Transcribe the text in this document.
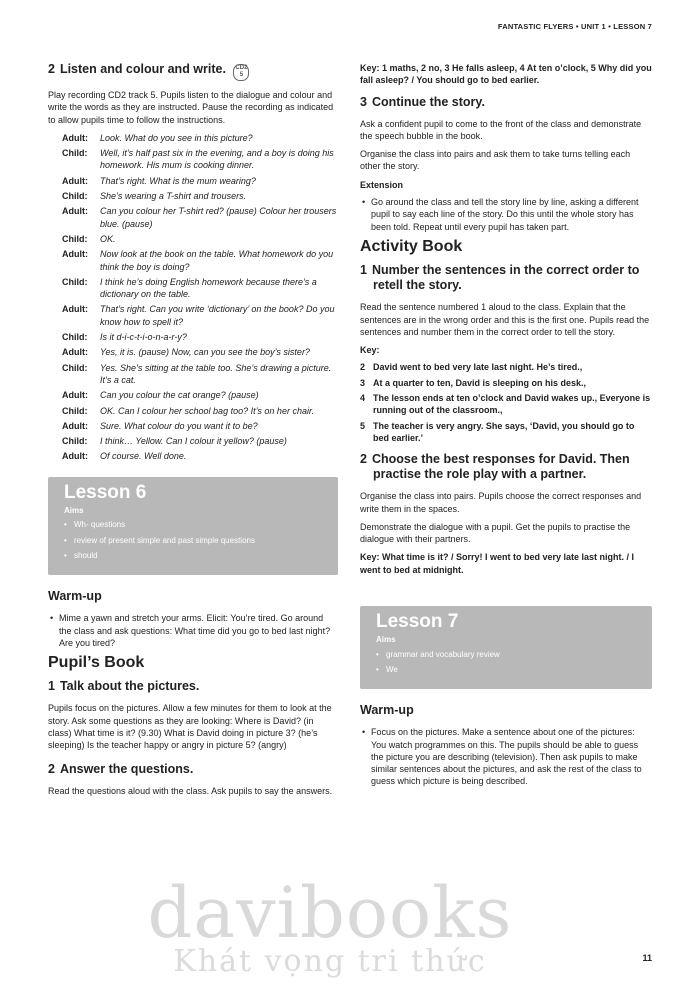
FANTASTIC FLYERS • UNIT 1 • LESSON 7
2 Listen and colour and write. CD2
5

Play recording CD2 track 5. Pupils listen to the dialogue and colour and write the words as they are instructed. Pause the recording as indicated to allow pupils time to follow the instructions.

Adult:	Look. What do you see in this picture?
Child:	Well, it’s half past six in the evening, and a boy is doing his homework. His mum is cooking dinner.
Adult:	That’s right. What is the mum wearing?
Child:	She’s wearing a T-shirt and trousers.
Adult:	Can you colour her T-shirt red? (pause) Colour her trousers blue. (pause)
Child:	OK.
Adult:	Now look at the book on the table. What homework do you think the boy is doing?
Child:	I think he’s doing English homework because there’s a dictionary on the table.
Adult:	That’s right. Can you write ‘dictionary’ on the book? Do you know how to spell it?
Child:	Is it d-i-c-t-i-o-n-a-r-y?
Adult:	Yes, it is. (pause) Now, can you see the boy’s sister?
Child:	Yes. She’s sitting at the table too. She’s drawing a picture. It’s a cat.
Adult:	Can you colour the cat orange? (pause)
Child:	OK. Can I colour her school bag too? It’s on her chair.
Adult:	Sure. What colour do you want it to be?
Child:	I think… Yellow. Can I colour it yellow? (pause)
Adult:	Of course. Well done.
Lesson 6
Aims
• Wh- questions
• review of present simple and past simple questions
• should
Warm-up
• Mime a yawn and stretch your arms. Elicit: You’re tired. Go around the class and ask questions: What time did you go to bed last night? Are you tired?
Pupil’s Book
1 Talk about the pictures.

Pupils focus on the pictures. Allow a few minutes for them to look at the story. Ask some questions as they are looking: Where is David? (in class) What time is it? (9.30) What is David doing in picture 3? (he’s sleeping) Is the teacher happy or angry in picture 5? (angry)

2 Answer the questions.

Read the questions aloud with the class. Ask pupils to say the answers.

Key: 1 maths, 2 no, 3 He falls asleep, 4 At ten o’clock, 5 Why did you fall asleep? / You should go to bed earlier.
3 Continue the story.

Ask a confident pupil to come to the front of the class and demonstrate the speech bubble in the book.

Organise the class into pairs and ask them to take turns telling each other the story.

Extension
• Go around the class and tell the story line by line, asking a different pupil to say each line of the story. Do this until the whole story has been told. Repeat until every pupil has taken part.
Activity Book
1 Number the sentences in the correct order to retell the story.

Read the sentence numbered 1 aloud to the class. Explain that the sentences are in the wrong order and this is the first one. Pupils read the sentences and number them in the correct order to tell the story.

Key:
2 David went to bed very late last night. He’s tired.,
3 At a quarter to ten, David is sleeping on his desk.,
4 The lesson ends at ten o’clock and David wakes up., Everyone is running out of the classroom.,
5 The teacher is very angry. She says, ‘David, you should go to bed earlier.’
2 Choose the best responses for David. Then practise the role play with a partner.

Organise the class into pairs. Pupils choose the correct responses and write them in the spaces.

Demonstrate the dialogue with a pupil. Get the pupils to practise the dialogue with their partners.

Key: What time is it? / Sorry! I went to bed very late last night. / I went to bed at midnight.
Lesson 7
Aims
• grammar and vocabulary review
• We
Warm-up
• Focus on the pictures. Make a sentence about one of the pictures: You watch programmes on this. The pupils should be able to guess the picture you are describing (television). Then ask pupils to make similar sentences about the pictures, and ask the rest of the class to guess which picture is being described.
11
davibooks
Khát vọng tri thức
